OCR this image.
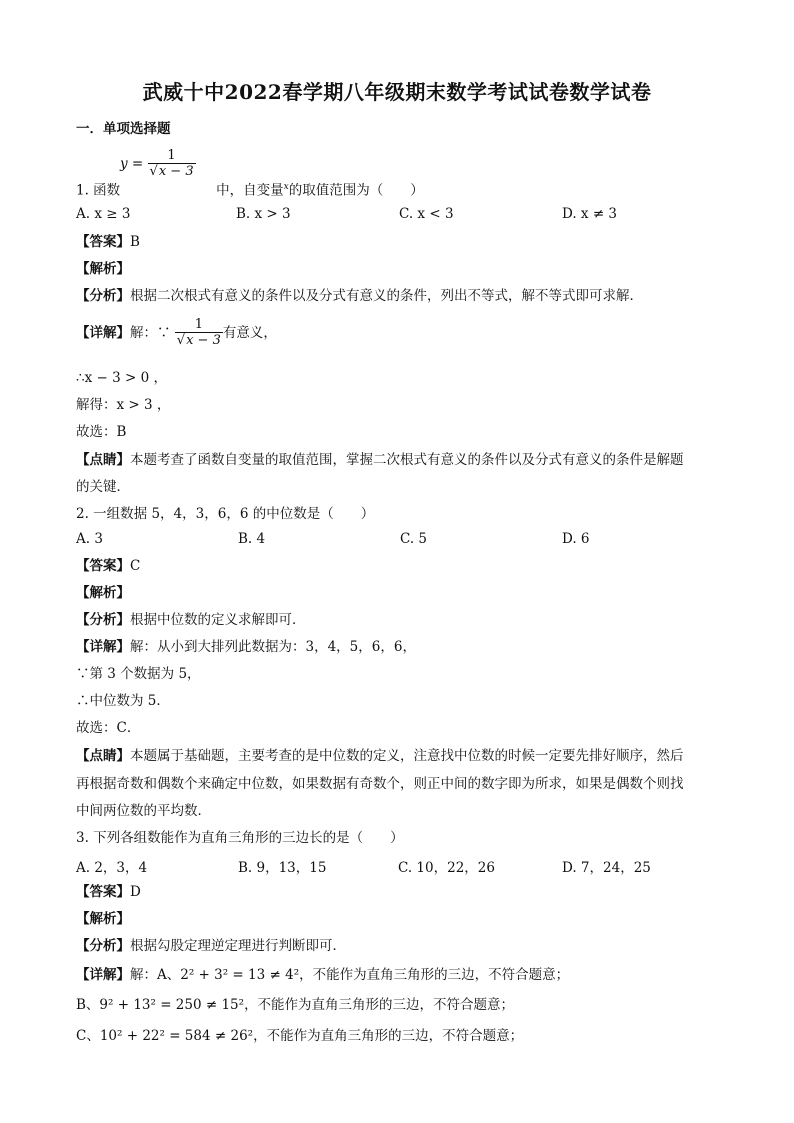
武威十中2022春学期八年级期末数学考试试卷数学试卷
一．单项选择题
$y = \frac{1}{√x - 3}$
1. 函数	中，自变量$^x$的取值范围为（　　）
A. x ≥ 3	B. x > 3	C. x < 3	D. x ≠ 3
【答案】B
【解析】
【分析】根据二次根式有意义的条件以及分式有意义的条件，列出不等式，解不等式即可求解．
【详解】解：∵ $\frac{1}{√x - 3}$ 有意义，
∴x − 3 > 0 ，
解得：x > 3 ，
故选：B
【点睛】本题考查了函数自变量的取值范围，掌握二次根式有意义的条件以及分式有意义的条件是解题
的关键．
2. 一组数据 5，4，3，6，6 的中位数是（　　）
A. 3	B. 4	C. 5	D. 6
【答案】C
【解析】
【分析】根据中位数的定义求解即可．
【详解】解：从小到大排列此数据为：3，4，5，6，6，
∵第 3 个数据为 5，
∴中位数为 5．
故选：C．
【点睛】本题属于基础题，主要考查的是中位数的定义，注意找中位数的时候一定要先排好顺序，然后
再根据奇数和偶数个来确定中位数，如果数据有奇数个，则正中间的数字即为所求，如果是偶数个则找
中间两位数的平均数．
3. 下列各组数能作为直角三角形的三边长的是（　　）
A. 2，3，4	B. 9，13，15	C. 10，22，26	D. 7，24，25
【答案】D
【解析】
【分析】根据勾股定理逆定理进行判断即可．
【详解】解：A、2² + 3² = 13 ≠ 4²，不能作为直角三角形的三边，不符合题意；
B、9² + 13² = 250 ≠ 15²，不能作为直角三角形的三边，不符合题意；
C、10² + 22² = 584 ≠ 26²，不能作为直角三角形的三边，不符合题意；
